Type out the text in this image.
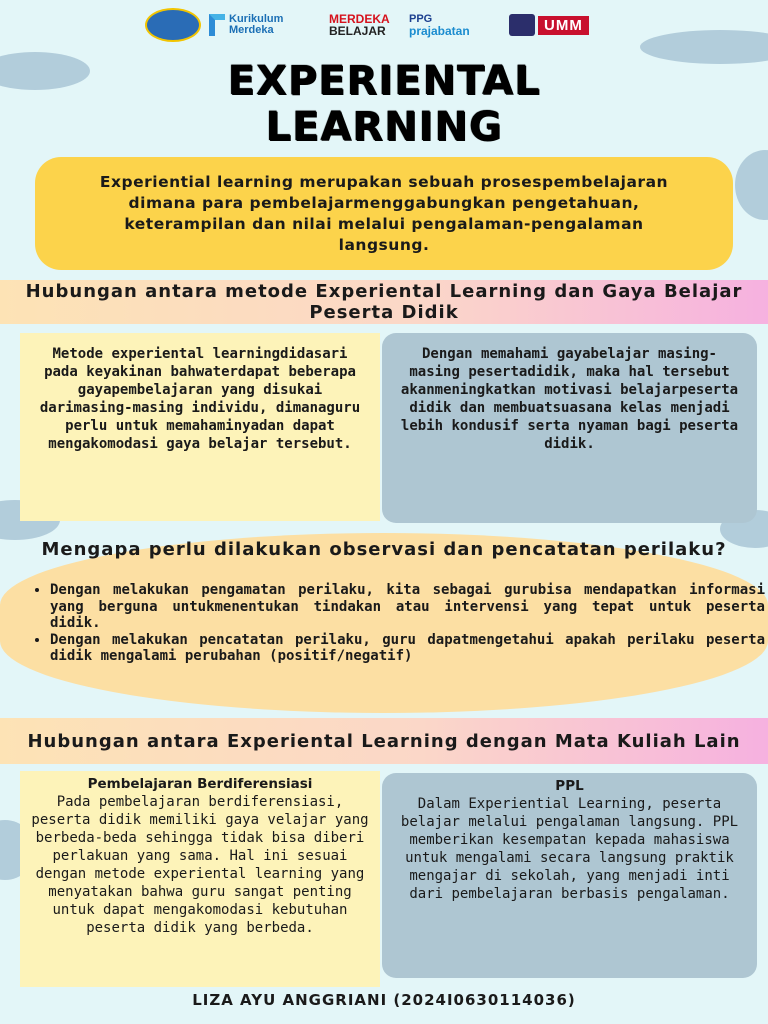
Kurikulum
Merdeka
MERDEKA
BELAJAR
PPG
prajabatan	UMM
EXPERIENTAL
LEARNING
Experiential learning merupakan sebuah prosespembelajaran dimana para pembelajarmenggabungkan pengetahuan, keterampilan dan nilai melalui pengalaman-pengalaman langsung.
Hubungan antara metode Experiental Learning dan Gaya Belajar Peserta Didik
Metode experiental learningdidasari pada keyakinan bahwaterdapat beberapa gayapembelajaran yang disukai darimasing-masing individu, dimanaguru perlu untuk memahaminyadan dapat mengakomodasi gaya belajar tersebut.
Dengan memahami gayabelajar masing-masing pesertadidik, maka hal tersebut akanmeningkatkan motivasi belajarpeserta didik dan membuatsuasana kelas menjadi lebih kondusif serta nyaman bagi peserta didik.
Mengapa perlu dilakukan observasi dan pencatatan perilaku?
• Dengan melakukan pengamatan perilaku, kita sebagai gurubisa mendapatkan informasi yang berguna untukmenentukan tindakan atau intervensi yang tepat untuk peserta didik.
• Dengan melakukan pencatatan perilaku, guru dapatmengetahui apakah perilaku peserta didik mengalami perubahan (positif/negatif)
Hubungan antara Experiental Learning dengan Mata Kuliah Lain
Pembelajaran Berdiferensiasi
Pada pembelajaran berdiferensiasi, peserta didik memiliki gaya velajar yang berbeda-beda sehingga tidak bisa diberi perlakuan yang sama. Hal ini sesuai dengan metode experiental learning yang menyatakan bahwa guru sangat penting untuk dapat mengakomodasi kebutuhan peserta didik yang berbeda.
PPL
Dalam Experiential Learning, peserta belajar melalui pengalaman langsung. PPL memberikan kesempatan kepada mahasiswa untuk mengalami secara langsung praktik mengajar di sekolah, yang menjadi inti dari pembelajaran berbasis pengalaman.
LIZA AYU ANGGRIANI (2024I0630114036)
